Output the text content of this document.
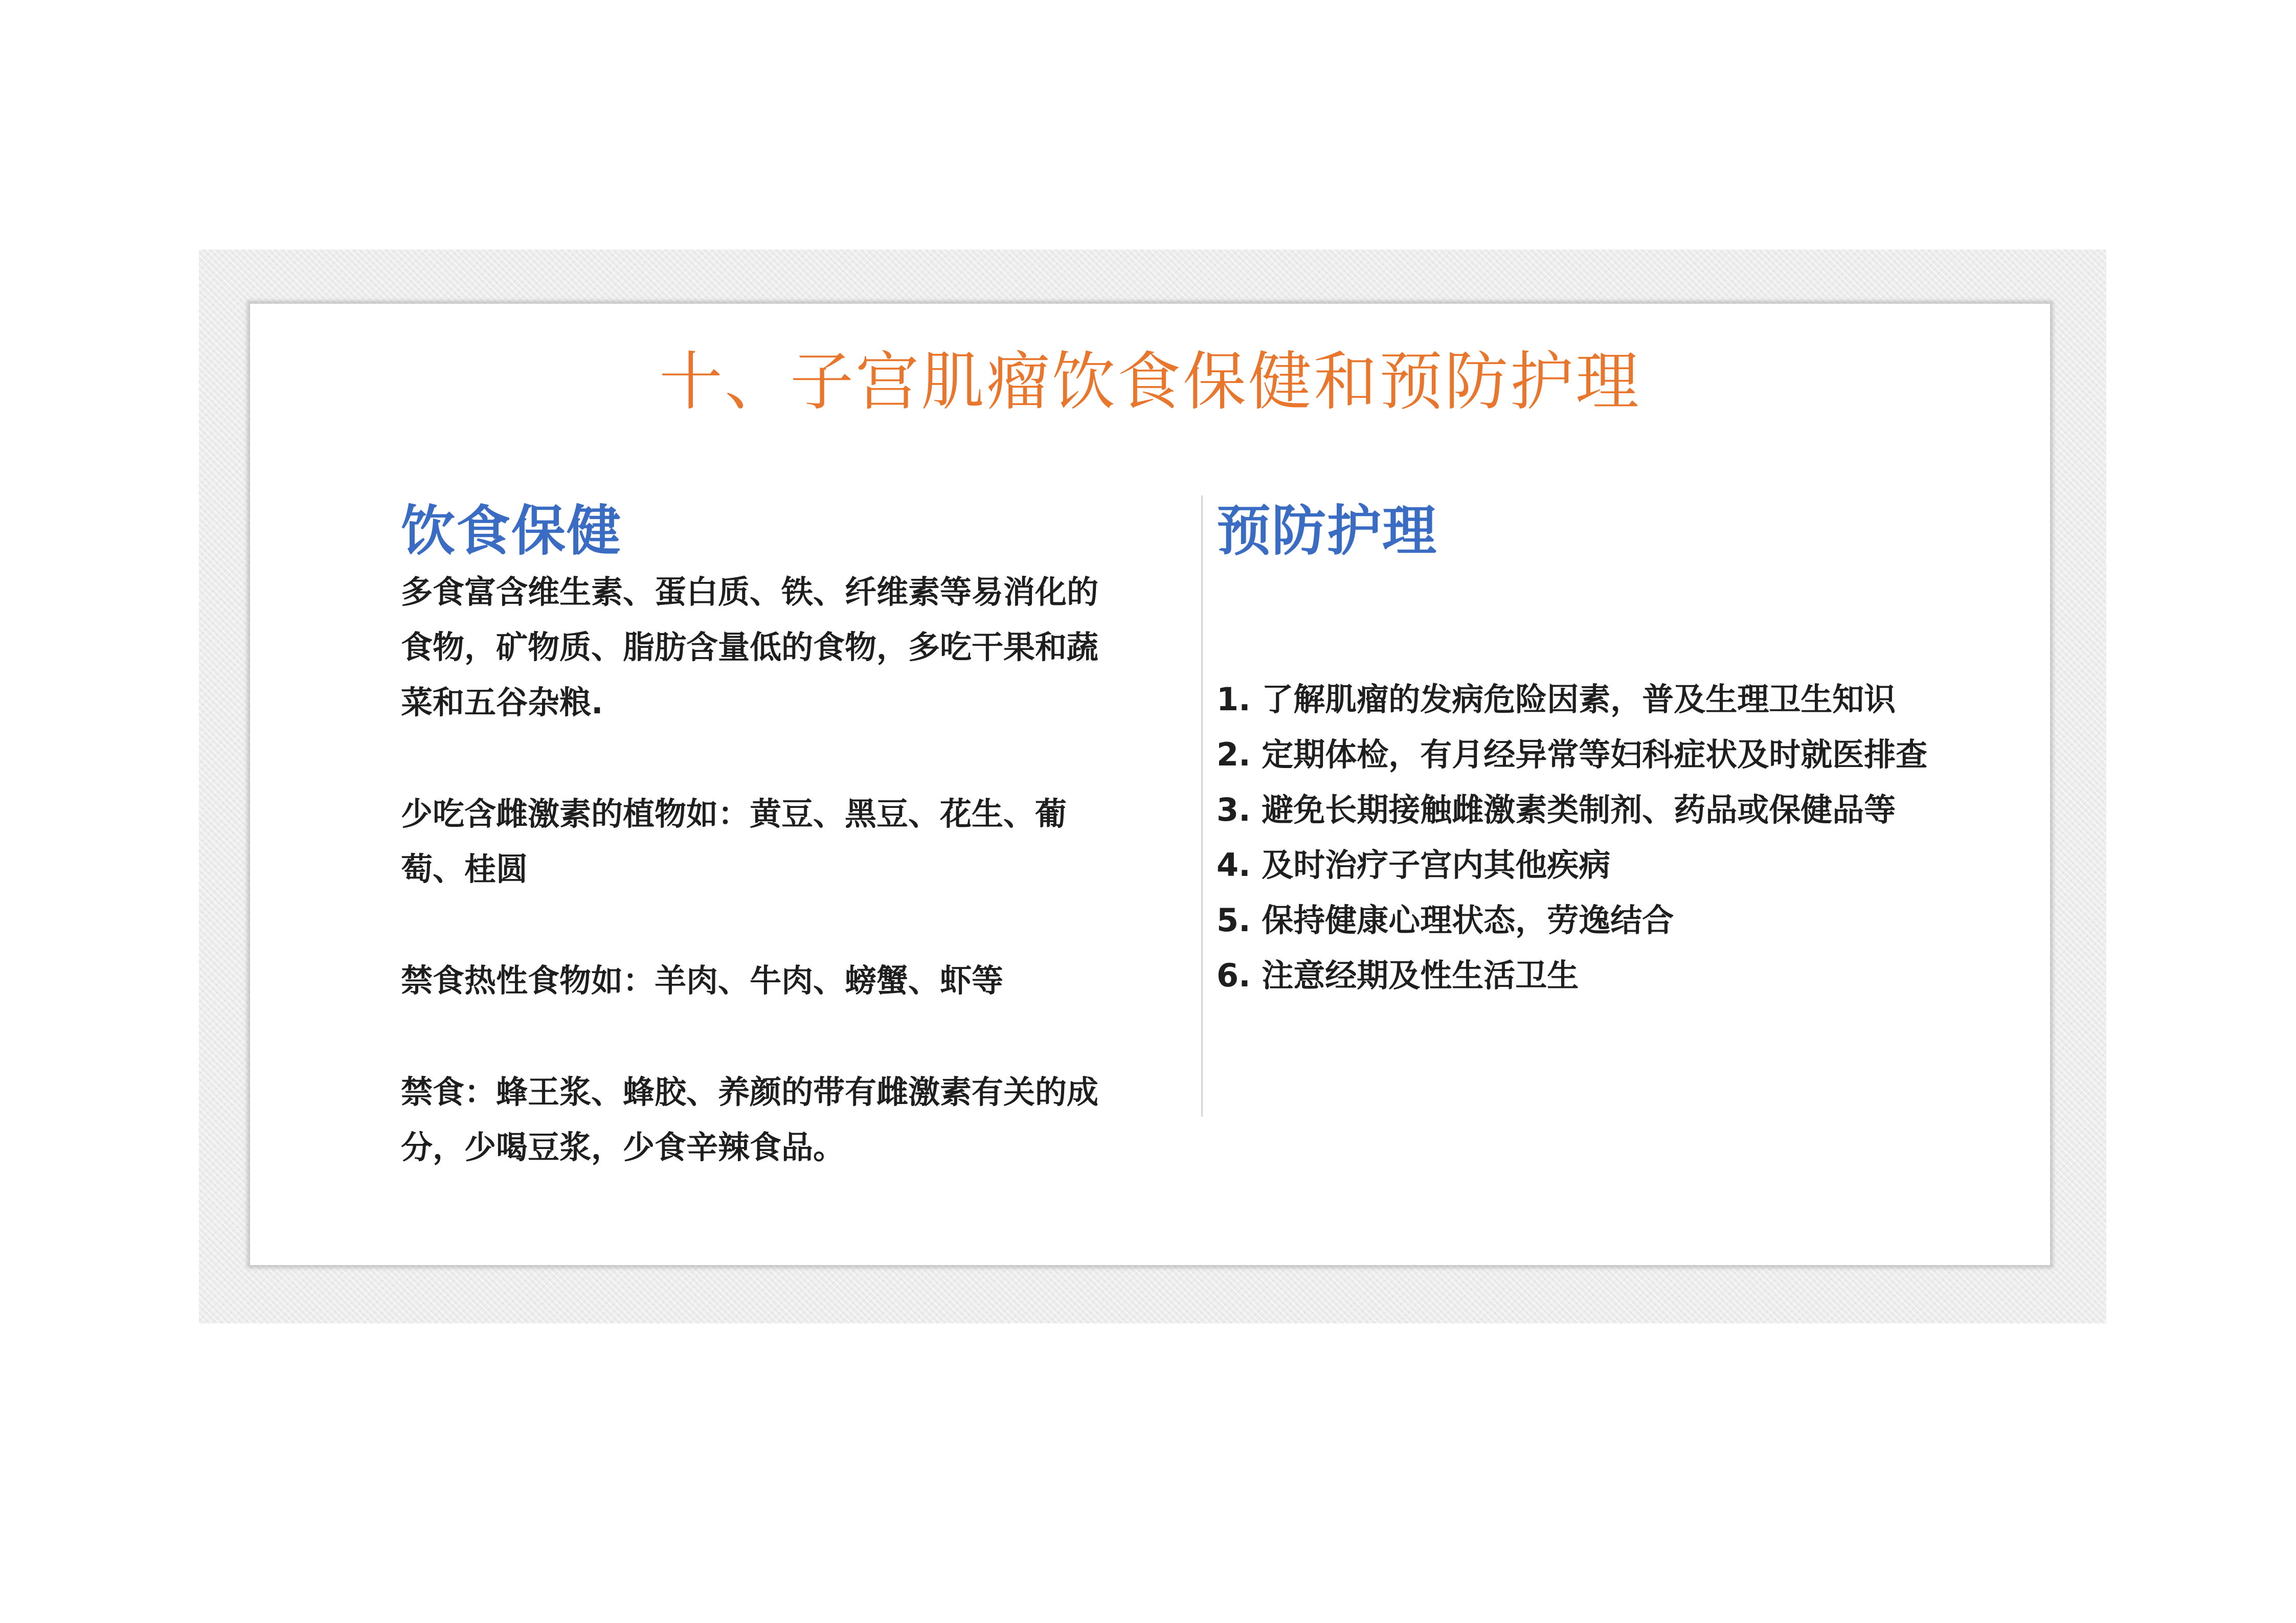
十、子宫肌瘤饮食保健和预防护理
饮食保健

多食富含维生素、蛋白质、铁、纤维素等易消化的食物，矿物质、脂肪含量低的食物，多吃干果和蔬菜和五谷杂粮.

少吃含雌激素的植物如：黄豆、黑豆、花生、葡萄、桂圆

禁食热性食物如：羊肉、牛肉、螃蟹、虾等

禁食：蜂王浆、蜂胶、养颜的带有雌激素有关的成分，少喝豆浆，少食辛辣食品。

预防护理
1. 了解肌瘤的发病危险因素，普及生理卫生知识
2. 定期体检，有月经异常等妇科症状及时就医排查
3. 避免长期接触雌激素类制剂、药品或保健品等
4. 及时治疗子宫内其他疾病
5. 保持健康心理状态，劳逸结合
6. 注意经期及性生活卫生
